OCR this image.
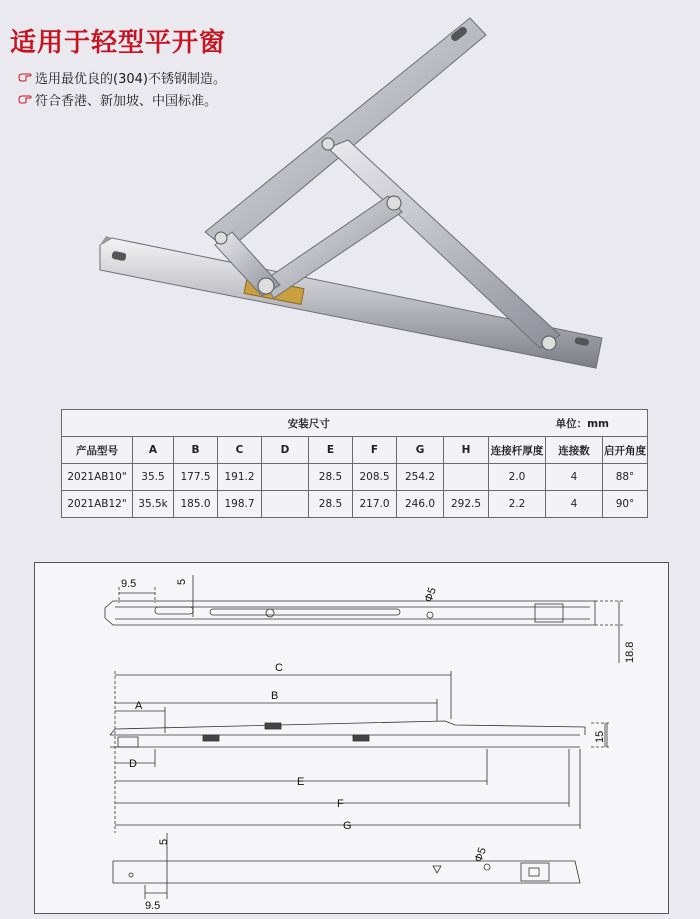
适用于轻型平开窗
选用最优良的(304)不锈钢制造。
符合香港、新加坡、中国标准。
安装尺寸 单位：mm											

产品型号	A	B	C	D	E	F	G	H	连接杆厚度	连接数	启开角度
2021AB10"	35.5	177.5	191.2		28.5	208.5	254.2		2.0	4	88°
2021AB12"	35.5k	185.0	198.7		28.5	217.0	246.0	292.5	2.2	4	90°
9.5	5
Φ5
18.8
C
B
A
15
D
E
F
G
5
Φ5
9.5
